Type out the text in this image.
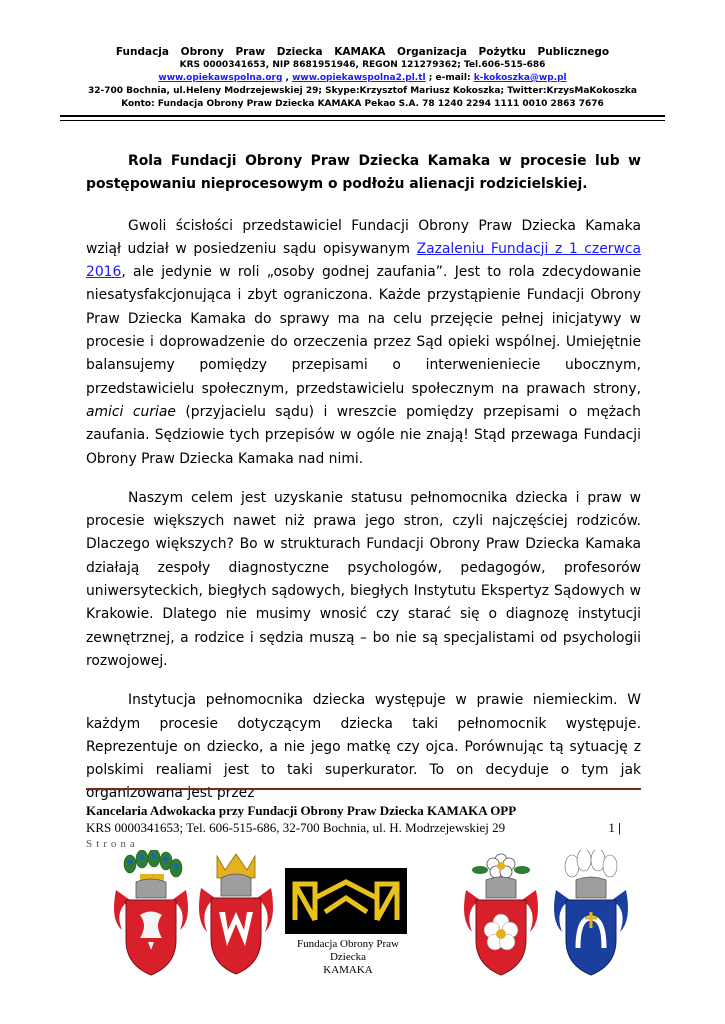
Fundacja Obrony Praw Dziecka KAMAKA Organizacja Pożytku Publicznego
KRS 0000341653, NIP 8681951946, REGON 121279362; Tel.606-515-686
www.opiekawspolna.org , www.opiekawspolna2.pl.tl ; e-mail: k-kokoszka@wp.pl
32-700 Bochnia, ul.Heleny Modrzejewskiej 29; Skype:Krzysztof Mariusz Kokoszka; Twitter:KrzysMaKokoszka
Konto: Fundacja Obrony Praw Dziecka KAMAKA Pekao S.A. 78 1240 2294 1111 0010 2863 7676
Rola Fundacji Obrony Praw Dziecka Kamaka w procesie lub w postępowaniu nieprocesowym o podłożu alienacji rodzicielskiej.

Gwoli ścisłości przedstawiciel Fundacji Obrony Praw Dziecka Kamaka wziął udział w posiedzeniu sądu opisywanym Zazaleniu Fundacji z 1 czerwca 2016, ale jedynie w roli „osoby godnej zaufania”. Jest to rola zdecydowanie niesatysfakcjonująca i zbyt ograniczona. Każde przystąpienie Fundacji Obrony Praw Dziecka Kamaka do sprawy ma na celu przejęcie pełnej inicjatywy w procesie i doprowadzenie do orzeczenia przez Sąd opieki wspólnej. Umiejętnie balansujemy pomiędzy przepisami o interwenieniecie ubocznym, przedstawicielu społecznym, przedstawicielu społecznym na prawach strony, amici curiae (przyjacielu sądu) i wreszcie pomiędzy przepisami o mężach zaufania. Sędziowie tych przepisów w ogóle nie znają! Stąd przewaga Fundacji Obrony Praw Dziecka Kamaka nad nimi.

Naszym celem jest uzyskanie statusu pełnomocnika dziecka i praw w procesie większych nawet niż prawa jego stron, czyli najczęściej rodziców. Dlaczego większych? Bo w strukturach Fundacji Obrony Praw Dziecka Kamaka działają zespoły diagnostyczne psychologów, pedagogów, profesorów uniwersyteckich, biegłych sądowych, biegłych Instytutu Ekspertyz Sądowych w Krakowie. Dlatego nie musimy wnosić czy starać się o diagnozę instytucji zewnętrznej, a rodzice i sędzia muszą – bo nie są specjalistami od psychologii rozwojowej.

Instytucja pełnomocnika dziecka występuje w prawie niemieckim. W każdym procesie dotyczącym dziecka taki pełnomocnik występuje. Reprezentuje on dziecko, a nie jego matkę czy ojca. Porównując tą sytuację z polskimi realiami jest to taki superkurator. To on decyduje o tym jak organizowana jest przez

Kancelaria Adwokacka przy Fundacji Obrony Praw Dziecka KAMAKA OPP
KRS 0000341653; Tel. 606-515-686, 32-700 Bochnia, ul. H. Modrzejewskiej 29	1 |
Strona
Fundacja Obrony Praw Dziecka
KAMAKA
